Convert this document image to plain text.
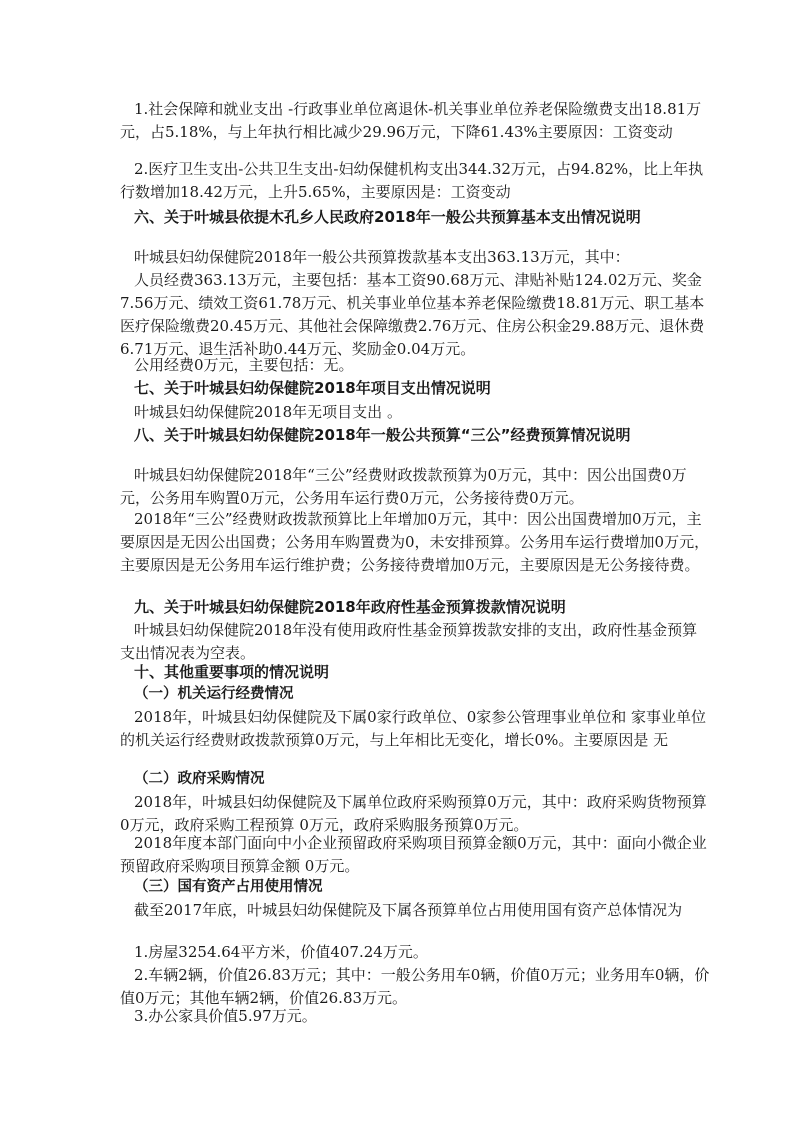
1.社会保障和就业支出 -行政事业单位离退休-机关事业单位养老保险缴费支出18.81万元，占5.18%，与上年执行相比减少29.96万元，下降61.43%主要原因：工资变动

2.医疗卫生支出-公共卫生支出-妇幼保健机构支出344.32万元，占94.82%，比上年执行数增加18.42万元，上升5.65%，主要原因是：工资变动

六、关于叶城县依提木孔乡人民政府2018年一般公共预算基本支出情况说明

叶城县妇幼保健院2018年一般公共预算拨款基本支出363.13万元，其中：

人员经费363.13万元，主要包括：基本工资90.68万元、津贴补贴124.02万元、奖金7.56万元、绩效工资61.78万元、机关事业单位基本养老保险缴费18.81万元、职工基本医疗保险缴费20.45万元、其他社会保障缴费2.76万元、住房公积金29.88万元、退休费6.71万元、退生活补助0.44万元、奖励金0.04万元。

公用经费0万元，主要包括：无。

七、关于叶城县妇幼保健院2018年项目支出情况说明

叶城县妇幼保健院2018年无项目支出 。

八、关于叶城县妇幼保健院2018年一般公共预算“三公”经费预算情况说明

叶城县妇幼保健院2018年“三公”经费财政拨款预算为0万元，其中：因公出国费0万元，公务用车购置0万元，公务用车运行费0万元，公务接待费0万元。

2018年“三公”经费财政拨款预算比上年增加0万元，其中：因公出国费增加0万元，主要原因是无因公出国费；公务用车购置费为0，未安排预算。公务用车运行费增加0万元，主要原因是无公务用车运行维护费；公务接待费增加0万元，主要原因是无公务接待费。

九、关于叶城县妇幼保健院2018年政府性基金预算拨款情况说明

叶城县妇幼保健院2018年没有使用政府性基金预算拨款安排的支出，政府性基金预算支出情况表为空表。

十、其他重要事项的情况说明

（一）机关运行经费情况

2018年，叶城县妇幼保健院及下属0家行政单位、0家参公管理事业单位和 家事业单位的机关运行经费财政拨款预算0万元，与上年相比无变化，增长0%。主要原因是 无

（二）政府采购情况

2018年，叶城县妇幼保健院及下属单位政府采购预算0万元，其中：政府采购货物预算0万元，政府采购工程预算 0万元，政府采购服务预算0万元。

2018年度本部门面向中小企业预留政府采购项目预算金额0万元，其中：面向小微企业预留政府采购项目预算金额 0万元。

（三）国有资产占用使用情况

截至2017年底，叶城县妇幼保健院及下属各预算单位占用使用国有资产总体情况为

1.房屋3254.64平方米，价值407.24万元。

2.车辆2辆，价值26.83万元；其中：一般公务用车0辆，价值0万元；业务用车0辆，价值0万元；其他车辆2辆，价值26.83万元。

3.办公家具价值5.97万元。
